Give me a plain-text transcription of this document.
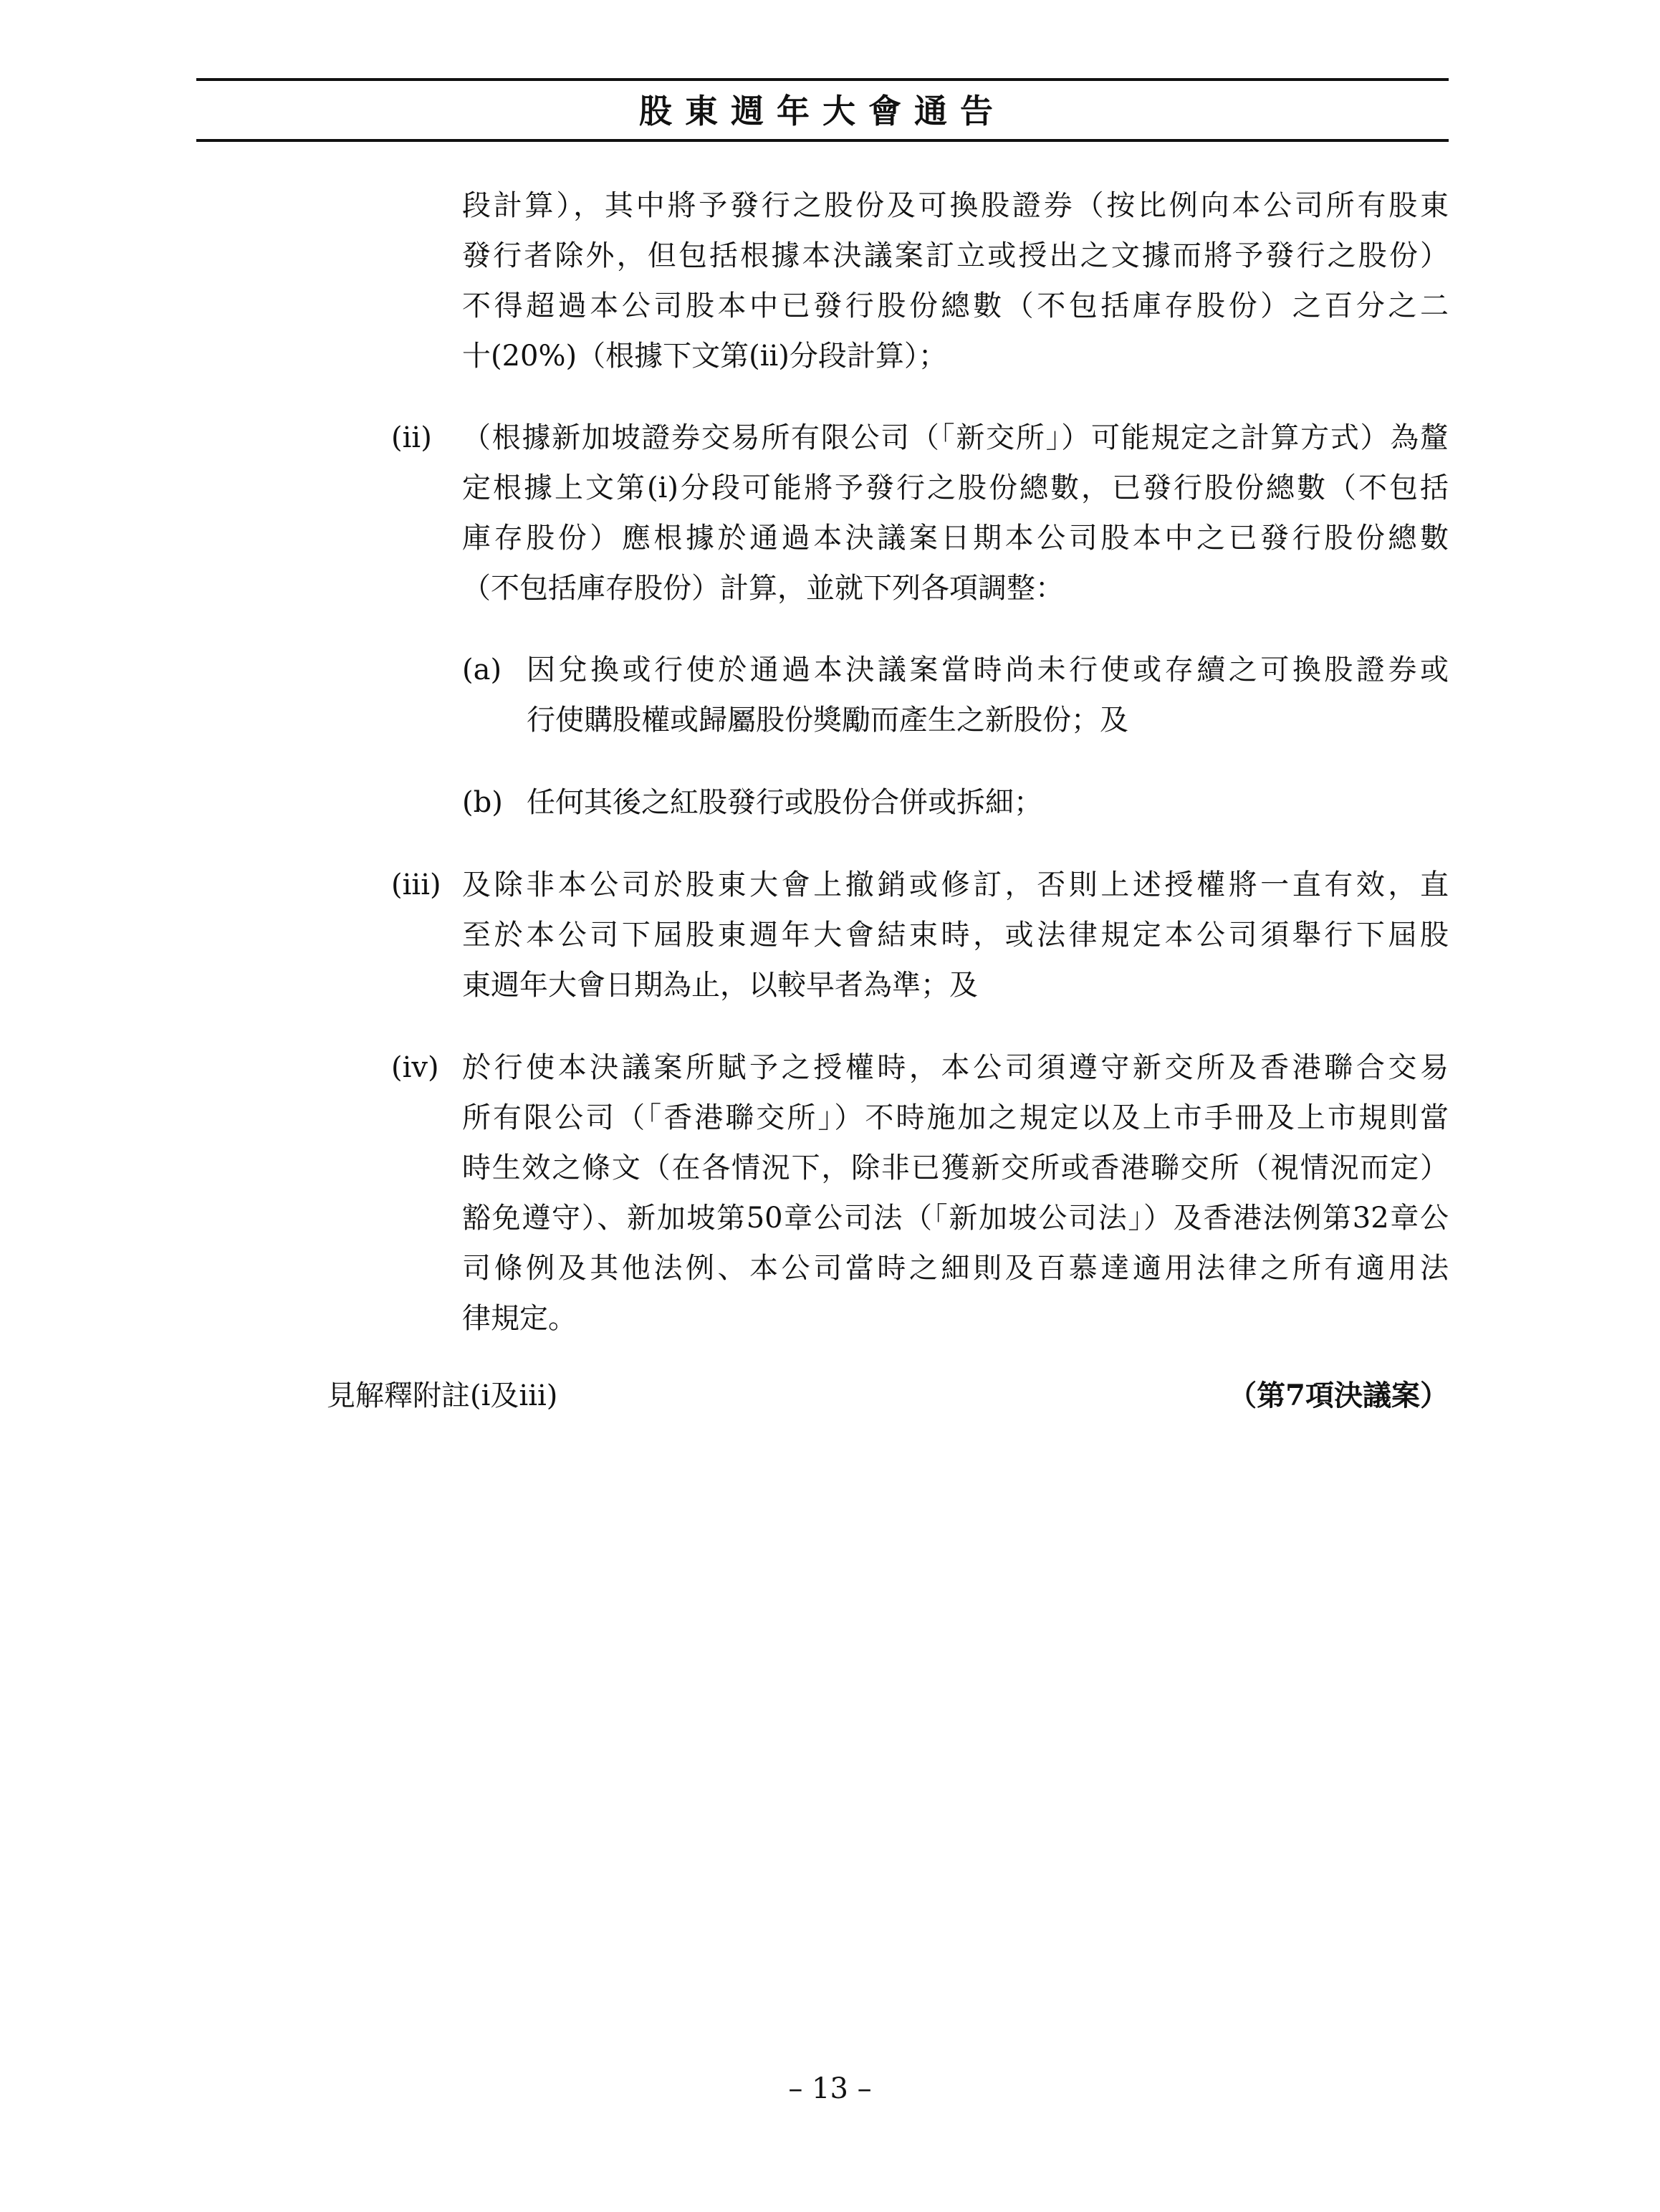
股東週年大會通告
段計算），其中將予發行之股份及可換股證券（按比例向本公司所有股東
發行者除外，但包括根據本決議案訂立或授出之文據而將予發行之股份）
不得超過本公司股本中已發行股份總數（不包括庫存股份）之百分之二
十(20%)（根據下文第(ii)分段計算）；
(ii) （根據新加坡證券交易所有限公司（「新交所」）可能規定之計算方式）為釐
定根據上文第(i)分段可能將予發行之股份總數，已發行股份總數（不包括
庫存股份）應根據於通過本決議案日期本公司股本中之已發行股份總數
（不包括庫存股份）計算，並就下列各項調整：
(a) 因兌換或行使於通過本決議案當時尚未行使或存續之可換股證券或
行使購股權或歸屬股份獎勵而產生之新股份；及
(b) 任何其後之紅股發行或股份合併或拆細；
(iii) 及除非本公司於股東大會上撤銷或修訂，否則上述授權將一直有效，直
至於本公司下屆股東週年大會結束時，或法律規定本公司須舉行下屆股
東週年大會日期為止，以較早者為準；及
(iv) 於行使本決議案所賦予之授權時，本公司須遵守新交所及香港聯合交易
所有限公司（「香港聯交所」）不時施加之規定以及上市手冊及上市規則當
時生效之條文（在各情況下，除非已獲新交所或香港聯交所（視情況而定）
豁免遵守）、新加坡第50章公司法（「新加坡公司法」）及香港法例第32章公
司條例及其他法例、本公司當時之細則及百慕達適用法律之所有適用法
律規定。
見解釋附註(i及iii)	（第7項決議案）
– 13 –
